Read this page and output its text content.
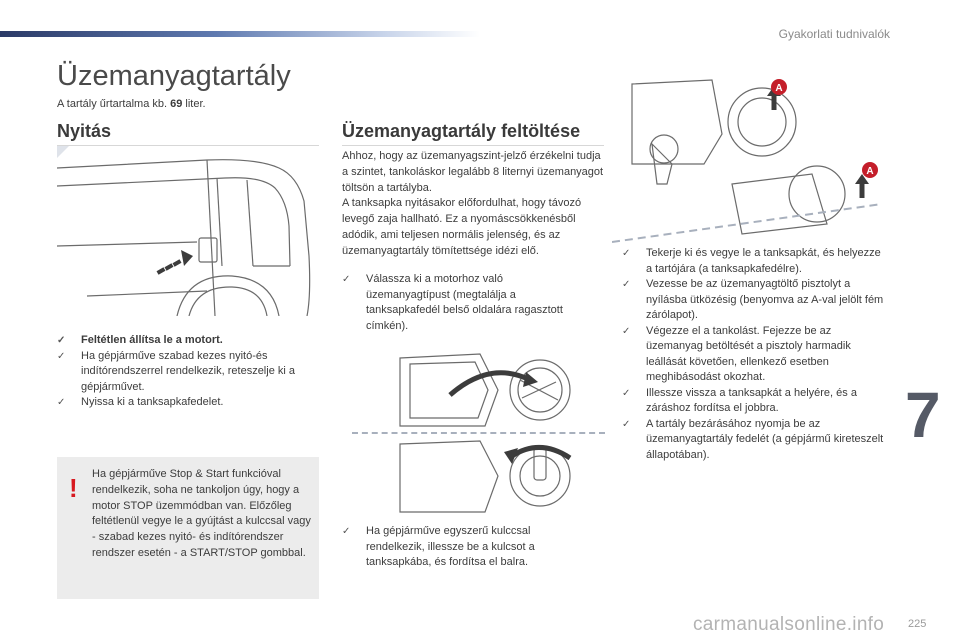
Gyakorlati tudnivalók
Üzemanyagtartály
A tartály űrtartalma kb. 69 liter.
Nyitás
✓ Feltétlen állítsa le a motort.
✓ Ha gépjárműve szabad kezes nyitó-és indítórendszerrel rendelkezik, reteszelje ki a gépjárművet.
✓ Nyissa ki a tanksapkafedelet.
! Ha gépjárműve Stop & Start funkcióval rendelkezik, soha ne tankoljon úgy, hogy a motor STOP üzemmódban van. Előzőleg feltétlenül vegye le a gyújtást a kulccsal vagy - szabad kezes nyitó- és indítórendszer rendszer esetén - a START/STOP gombbal.

Üzemanyagtartály feltöltése

Ahhoz, hogy az üzemanyagszint-jelző érzékelni tudja a szintet, tankoláskor legalább 8 liternyi üzemanyagot töltsön a tartályba.
A tanksapka nyitásakor előfordulhat, hogy távozó levegő zaja hallható. Ez a nyomáscsökkenésből adódik, ami teljesen normális jelenség, és az üzemanyagtartály tömítettsége idézi elő.

✓ Válassza ki a motorhoz való üzemanyagtípust (megtalálja a tanksapkafedél belső oldalára ragasztott címkén).
✓ Ha gépjárműve egyszerű kulccsal rendelkezik, illessze be a kulcsot a tanksapkába, és fordítsa el balra.
A
A
✓ Tekerje ki és vegye le a tanksapkát, és helyezze a tartójára (a tanksapkafedélre).
✓ Vezesse be az üzemanyagtöltő pisztolyt a nyílásba ütközésig (benyomva az A-val jelölt fém zárólapot).
✓ Végezze el a tankolást. Fejezze be az üzemanyag betöltését a pisztoly harmadik leállását követően, ellenkező esetben meghibásodást okozhat.
✓ Illessze vissza a tanksapkát a helyére, és a záráshoz fordítsa el jobbra.
✓ A tartály bezárásához nyomja be az üzemanyagtartály fedelét (a gépjármű kireteszelt állapotában).
7
carmanualsonline.info 225
